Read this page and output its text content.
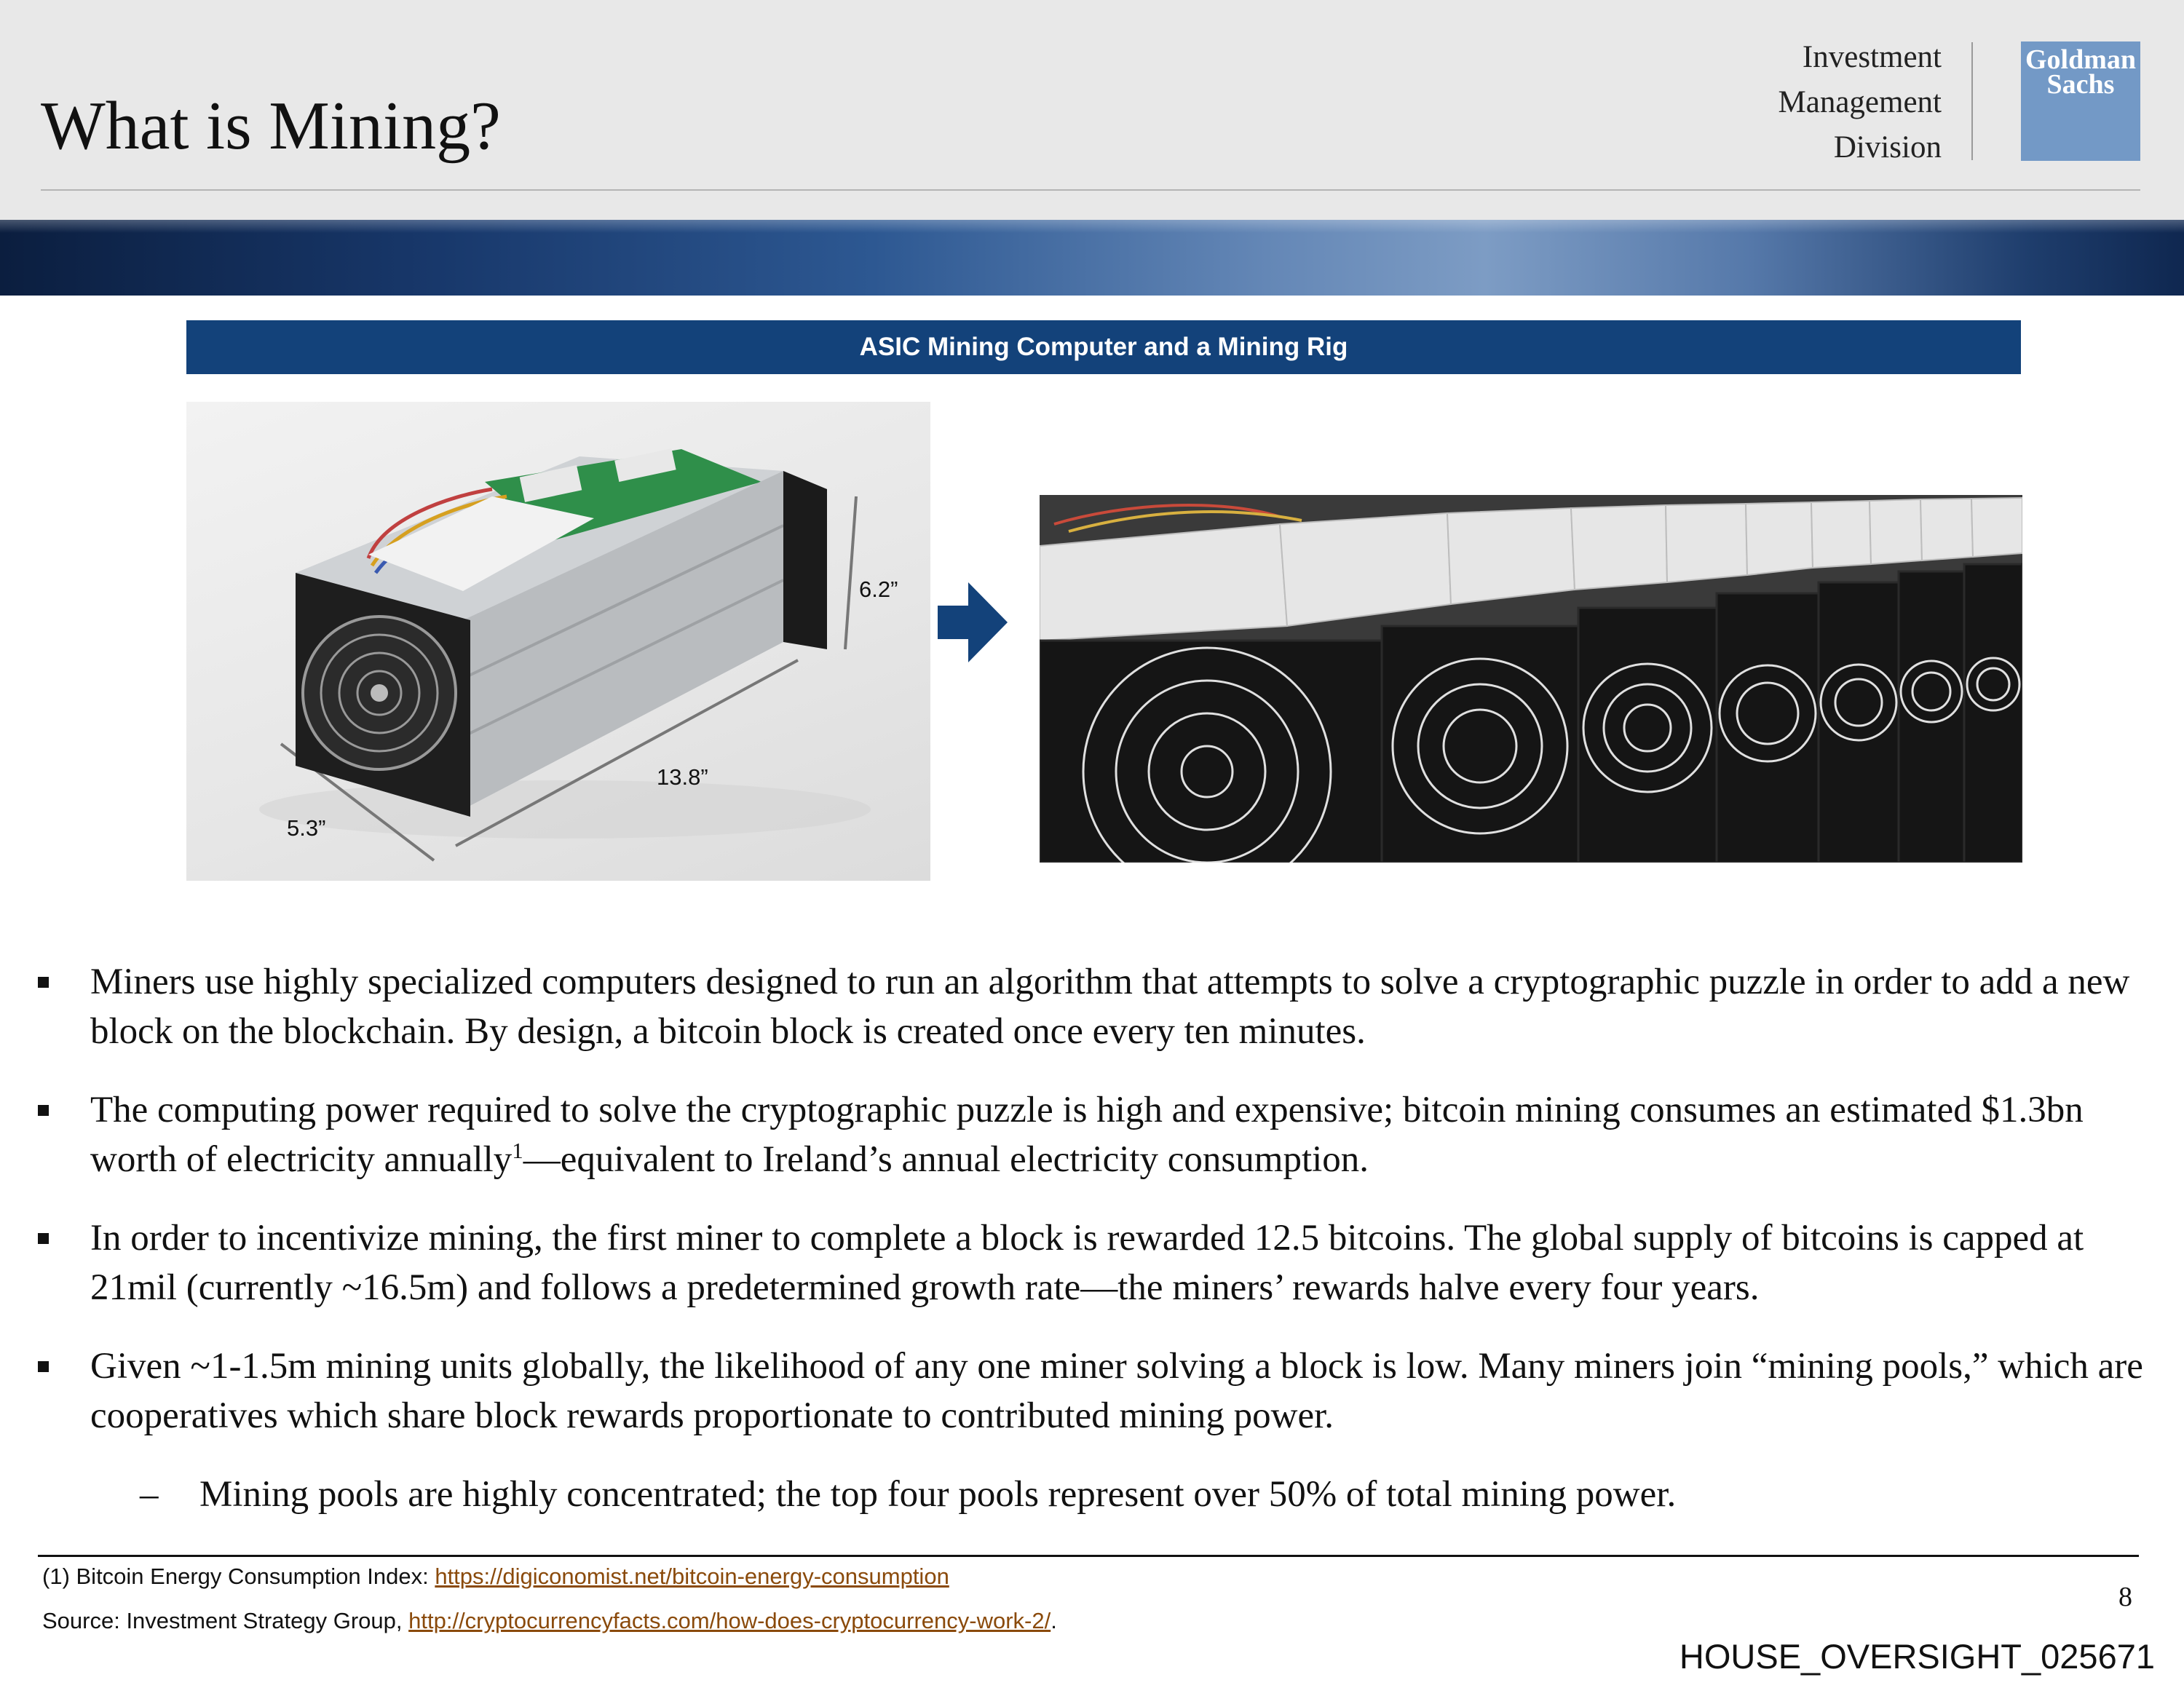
What is Mining?
Investment
Management
Division
Goldman
Sachs
ASIC Mining Computer and a Mining Rig
6.2”
13.8”
5.3”
Miners use highly specialized computers designed to run an algorithm that attempts to solve a cryptographic puzzle in order to add a new block on the blockchain. By design, a bitcoin block is created once every ten minutes.
The computing power required to solve the cryptographic puzzle is high and expensive; bitcoin mining consumes an estimated $1.3bn worth of electricity annually$^1$—equivalent to Ireland’s annual electricity consumption.
In order to incentivize mining, the first miner to complete a block is rewarded 12.5 bitcoins. The global supply of bitcoins is capped at 21mil (currently ~16.5m) and follows a predetermined growth rate—the miners’ rewards halve every four years.
Given ~1-1.5m mining units globally, the likelihood of any one miner solving a block is low. Many miners join “mining pools,” which are cooperatives which share block rewards proportionate to contributed mining power.
– Mining pools are highly concentrated; the top four pools represent over 50% of total mining power.
(1) Bitcoin Energy Consumption Index: https://digiconomist.net/bitcoin-energy-consumption
Source: Investment Strategy Group, http://cryptocurrencyfacts.com/how-does-cryptocurrency-work-2/.
8
HOUSE_OVERSIGHT_025671
